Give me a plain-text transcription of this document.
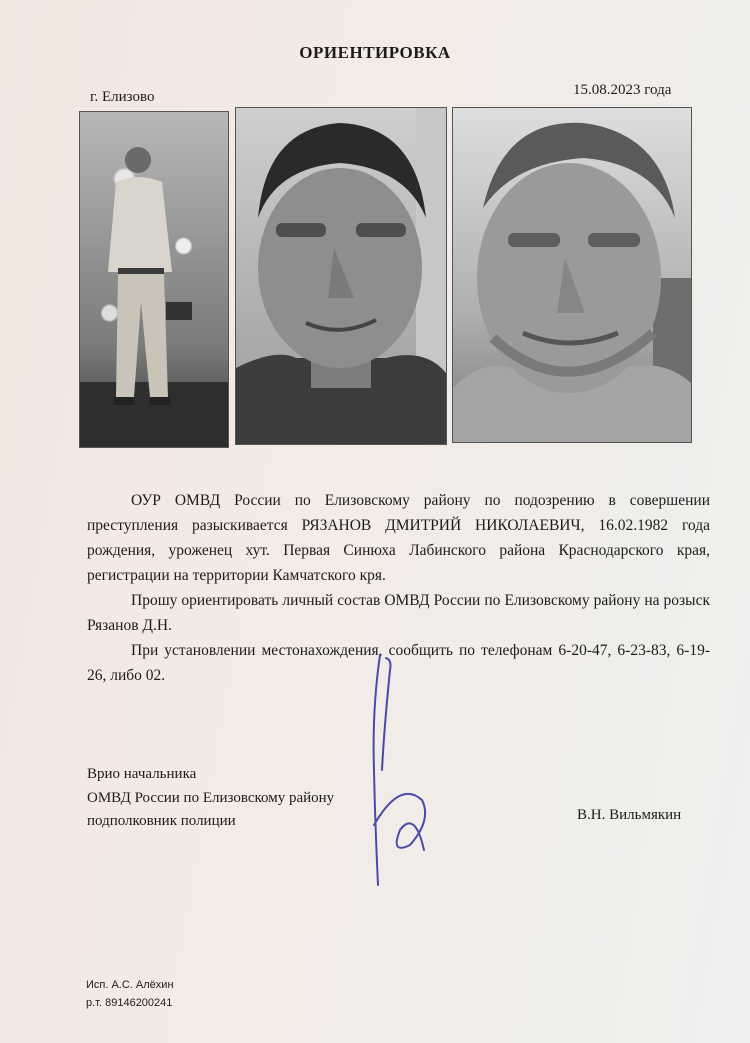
ОРИЕНТИРОВКА
г. Елизово	15.08.2023 года

ОУР ОМВД России по Елизовскому району по подозрению в совершении преступления разыскивается РЯЗАНОВ ДМИТРИЙ НИКОЛАЕВИЧ, 16.02.1982 года рождения, уроженец хут. Первая Синюха Лабинского района Краснодарского края, регистрации на территории Камчатского кря.

Прошу ориентировать личный состав ОМВД России по Елизовскому району на розыск Рязанов Д.Н.

При установлении местонахождения, сообщить по телефонам 6-20-47, 6-23-83, 6-19-26, либо 02.

Врио начальника
ОМВД России по Елизовскому району
подполковник полиции	В.Н. Вильмякин
Исп. А.С. Алёхин
р.т. 89146200241
